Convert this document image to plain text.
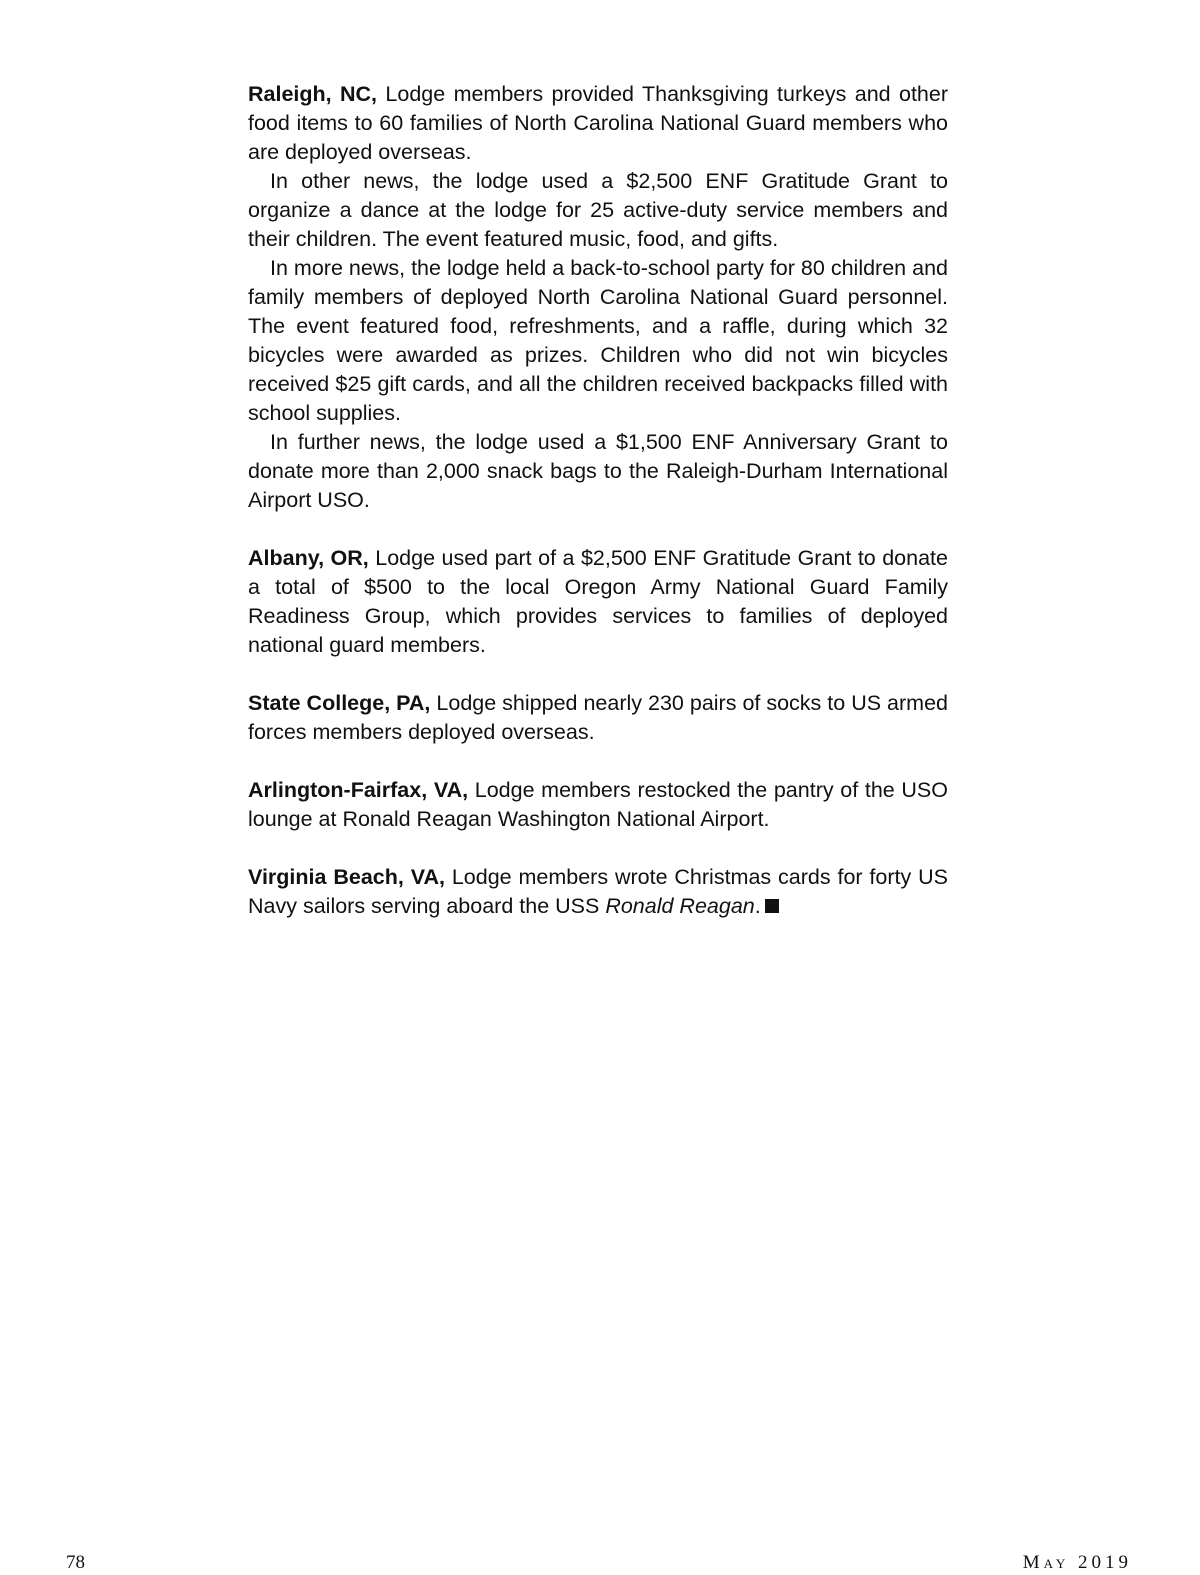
Raleigh, NC, Lodge members provided Thanksgiving turkeys and other food items to 60 families of North Carolina National Guard members who are deployed overseas.

In other news, the lodge used a $2,500 ENF Gratitude Grant to organize a dance at the lodge for 25 active-duty service members and their children. The event featured music, food, and gifts.

In more news, the lodge held a back-to-school party for 80 children and family members of deployed North Carolina National Guard personnel. The event featured food, refreshments, and a raffle, during which 32 bicycles were awarded as prizes. Children who did not win bicycles received $25 gift cards, and all the children received backpacks filled with school supplies.

In further news, the lodge used a $1,500 ENF Anniversary Grant to donate more than 2,000 snack bags to the Raleigh-Durham International Airport USO.

Albany, OR, Lodge used part of a $2,500 ENF Gratitude Grant to donate a total of $500 to the local Oregon Army National Guard Family Readiness Group, which provides services to families of deployed national guard members.

State College, PA, Lodge shipped nearly 230 pairs of socks to US armed forces members deployed overseas.

Arlington-Fairfax, VA, Lodge members restocked the pantry of the USO lounge at Ronald Reagan Washington National Airport.

Virginia Beach, VA, Lodge members wrote Christmas cards for forty US Navy sailors serving aboard the USS Ronald Reagan.

78	May 2019
